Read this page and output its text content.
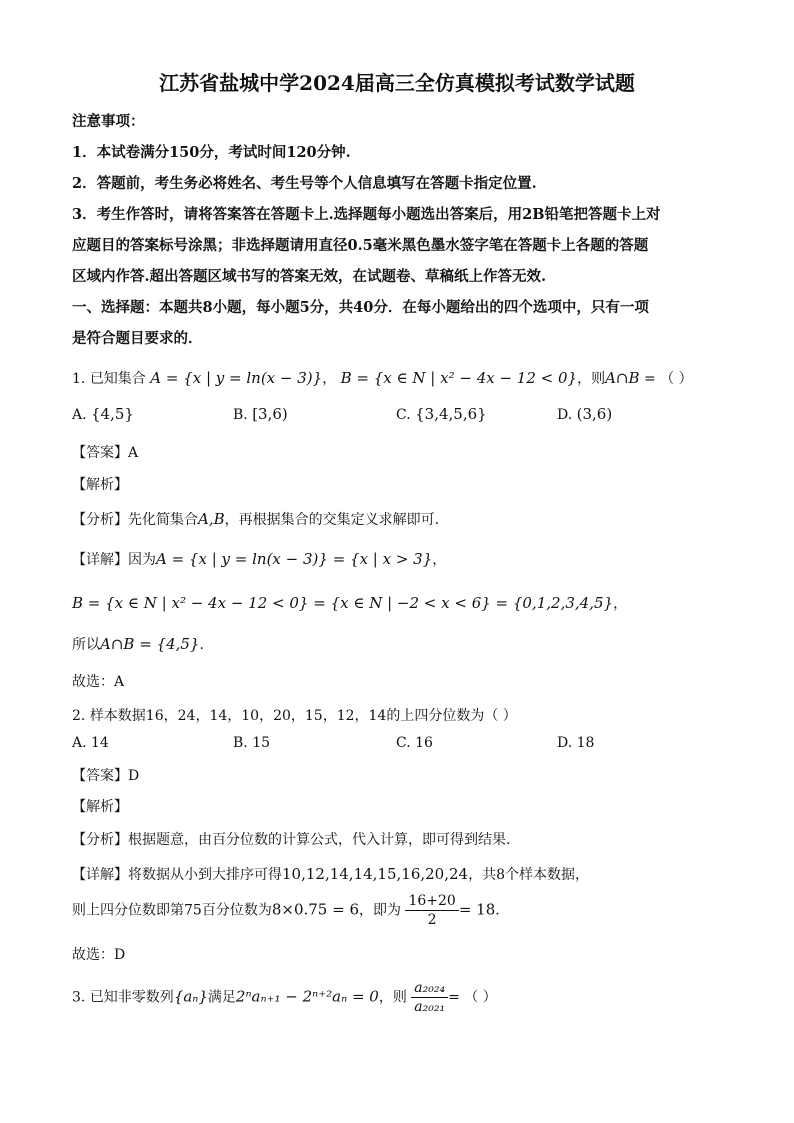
江苏省盐城中学2024届高三全仿真模拟考试数学试题
注意事项：
1．本试卷满分150分，考试时间120分钟.
2．答题前，考生务必将姓名、考生号等个人信息填写在答题卡指定位置.
3．考生作答时，请将答案答在答题卡上.选择题每小题选出答案后，用2B铅笔把答题卡上对
应题目的答案标号涂黑；非选择题请用直径0.5毫米黑色墨水签字笔在答题卡上各题的答题
区域内作答.超出答题区域书写的答案无效，在试题卷、草稿纸上作答无效.
一、选择题：本题共8小题，每小题5分，共40分．在每小题给出的四个选项中，只有一项
是符合题目要求的．
1. 已知集合 A = {x | y = ln(x − 3)}， B = {x ∈ N | x² − 4x − 12 < 0}，则A∩B = （ ）
A. {4,5}	B. [3,6)	C. {3,4,5,6}	D. (3,6)
【答案】A
【解析】
【分析】先化简集合A,B，再根据集合的交集定义求解即可.
【详解】因为A = {x | y = ln(x − 3)} = {x | x > 3}，
B = {x ∈ N | x² − 4x − 12 < 0} = {x ∈ N | −2 < x < 6} = {0,1,2,3,4,5}，
所以A∩B = {4,5}.
故选：A
2. 样本数据16，24，14，10，20，15，12，14的上四分位数为（ ）
A. 14	B. 15	C. 16	D. 18
【答案】D
【解析】
【分析】根据题意，由百分位数的计算公式，代入计算，即可得到结果.
【详解】将数据从小到大排序可得10,12,14,14,15,16,20,24，共8个样本数据，
则上四分位数即第75百分位数为8×0.75 = 6，即为 $\frac{16+20}{2} = 18$.
故选：D
3. 已知非零数列{aₙ}满足2ⁿaₙ₊₁ − 2ⁿ⁺²aₙ = 0，则 $\frac{\text{a₂₀₂₄}}{\text{a₂₀₂₁}}$ = （ ）
